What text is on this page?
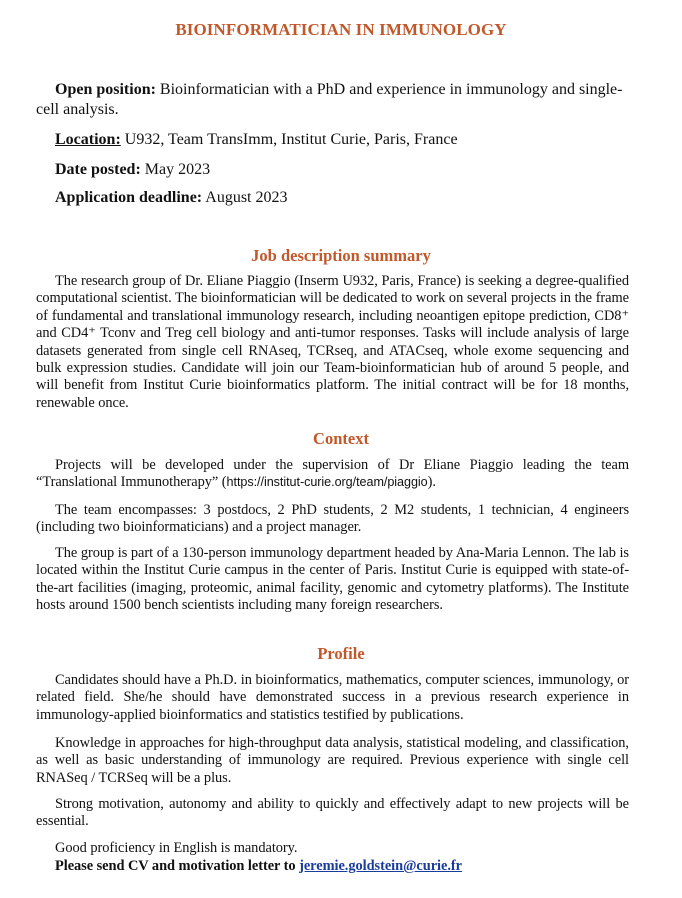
BIOINFORMATICIAN IN IMMUNOLOGY
Open position: Bioinformatician with a PhD and experience in immunology and single-cell analysis.
Location: U932, Team TransImm, Institut Curie, Paris, France
Date posted: May 2023
Application deadline: August 2023
Job description summary
The research group of Dr. Eliane Piaggio (Inserm U932, Paris, France) is seeking a degree-qualified computational scientist. The bioinformatician will be dedicated to work on several projects in the frame of fundamental and translational immunology research, including neoantigen epitope prediction, CD8⁺ and CD4⁺ Tconv and Treg cell biology and anti-tumor responses. Tasks will include analysis of large datasets generated from single cell RNAseq, TCRseq, and ATACseq, whole exome sequencing and bulk expression studies. Candidate will join our Team-bioinformatician hub of around 5 people, and will benefit from Institut Curie bioinformatics platform. The initial contract will be for 18 months, renewable once.
Context
Projects will be developed under the supervision of Dr Eliane Piaggio leading the team “Translational Immunotherapy” (https://institut-curie.org/team/piaggio).
The team encompasses: 3 postdocs, 2 PhD students, 2 M2 students, 1 technician, 4 engineers (including two bioinformaticians) and a project manager.
The group is part of a 130-person immunology department headed by Ana-Maria Lennon. The lab is located within the Institut Curie campus in the center of Paris. Institut Curie is equipped with state-of-the-art facilities (imaging, proteomic, animal facility, genomic and cytometry platforms). The Institute hosts around 1500 bench scientists including many foreign researchers.
Profile
Candidates should have a Ph.D. in bioinformatics, mathematics, computer sciences, immunology, or related field. She/he should have demonstrated success in a previous research experience in immunology-applied bioinformatics and statistics testified by publications.
Knowledge in approaches for high-throughput data analysis, statistical modeling, and classification, as well as basic understanding of immunology are required. Previous experience with single cell RNASeq / TCRSeq will be a plus.
Strong motivation, autonomy and ability to quickly and effectively adapt to new projects will be essential.
Good proficiency in English is mandatory.
Please send CV and motivation letter to jeremie.goldstein@curie.fr
